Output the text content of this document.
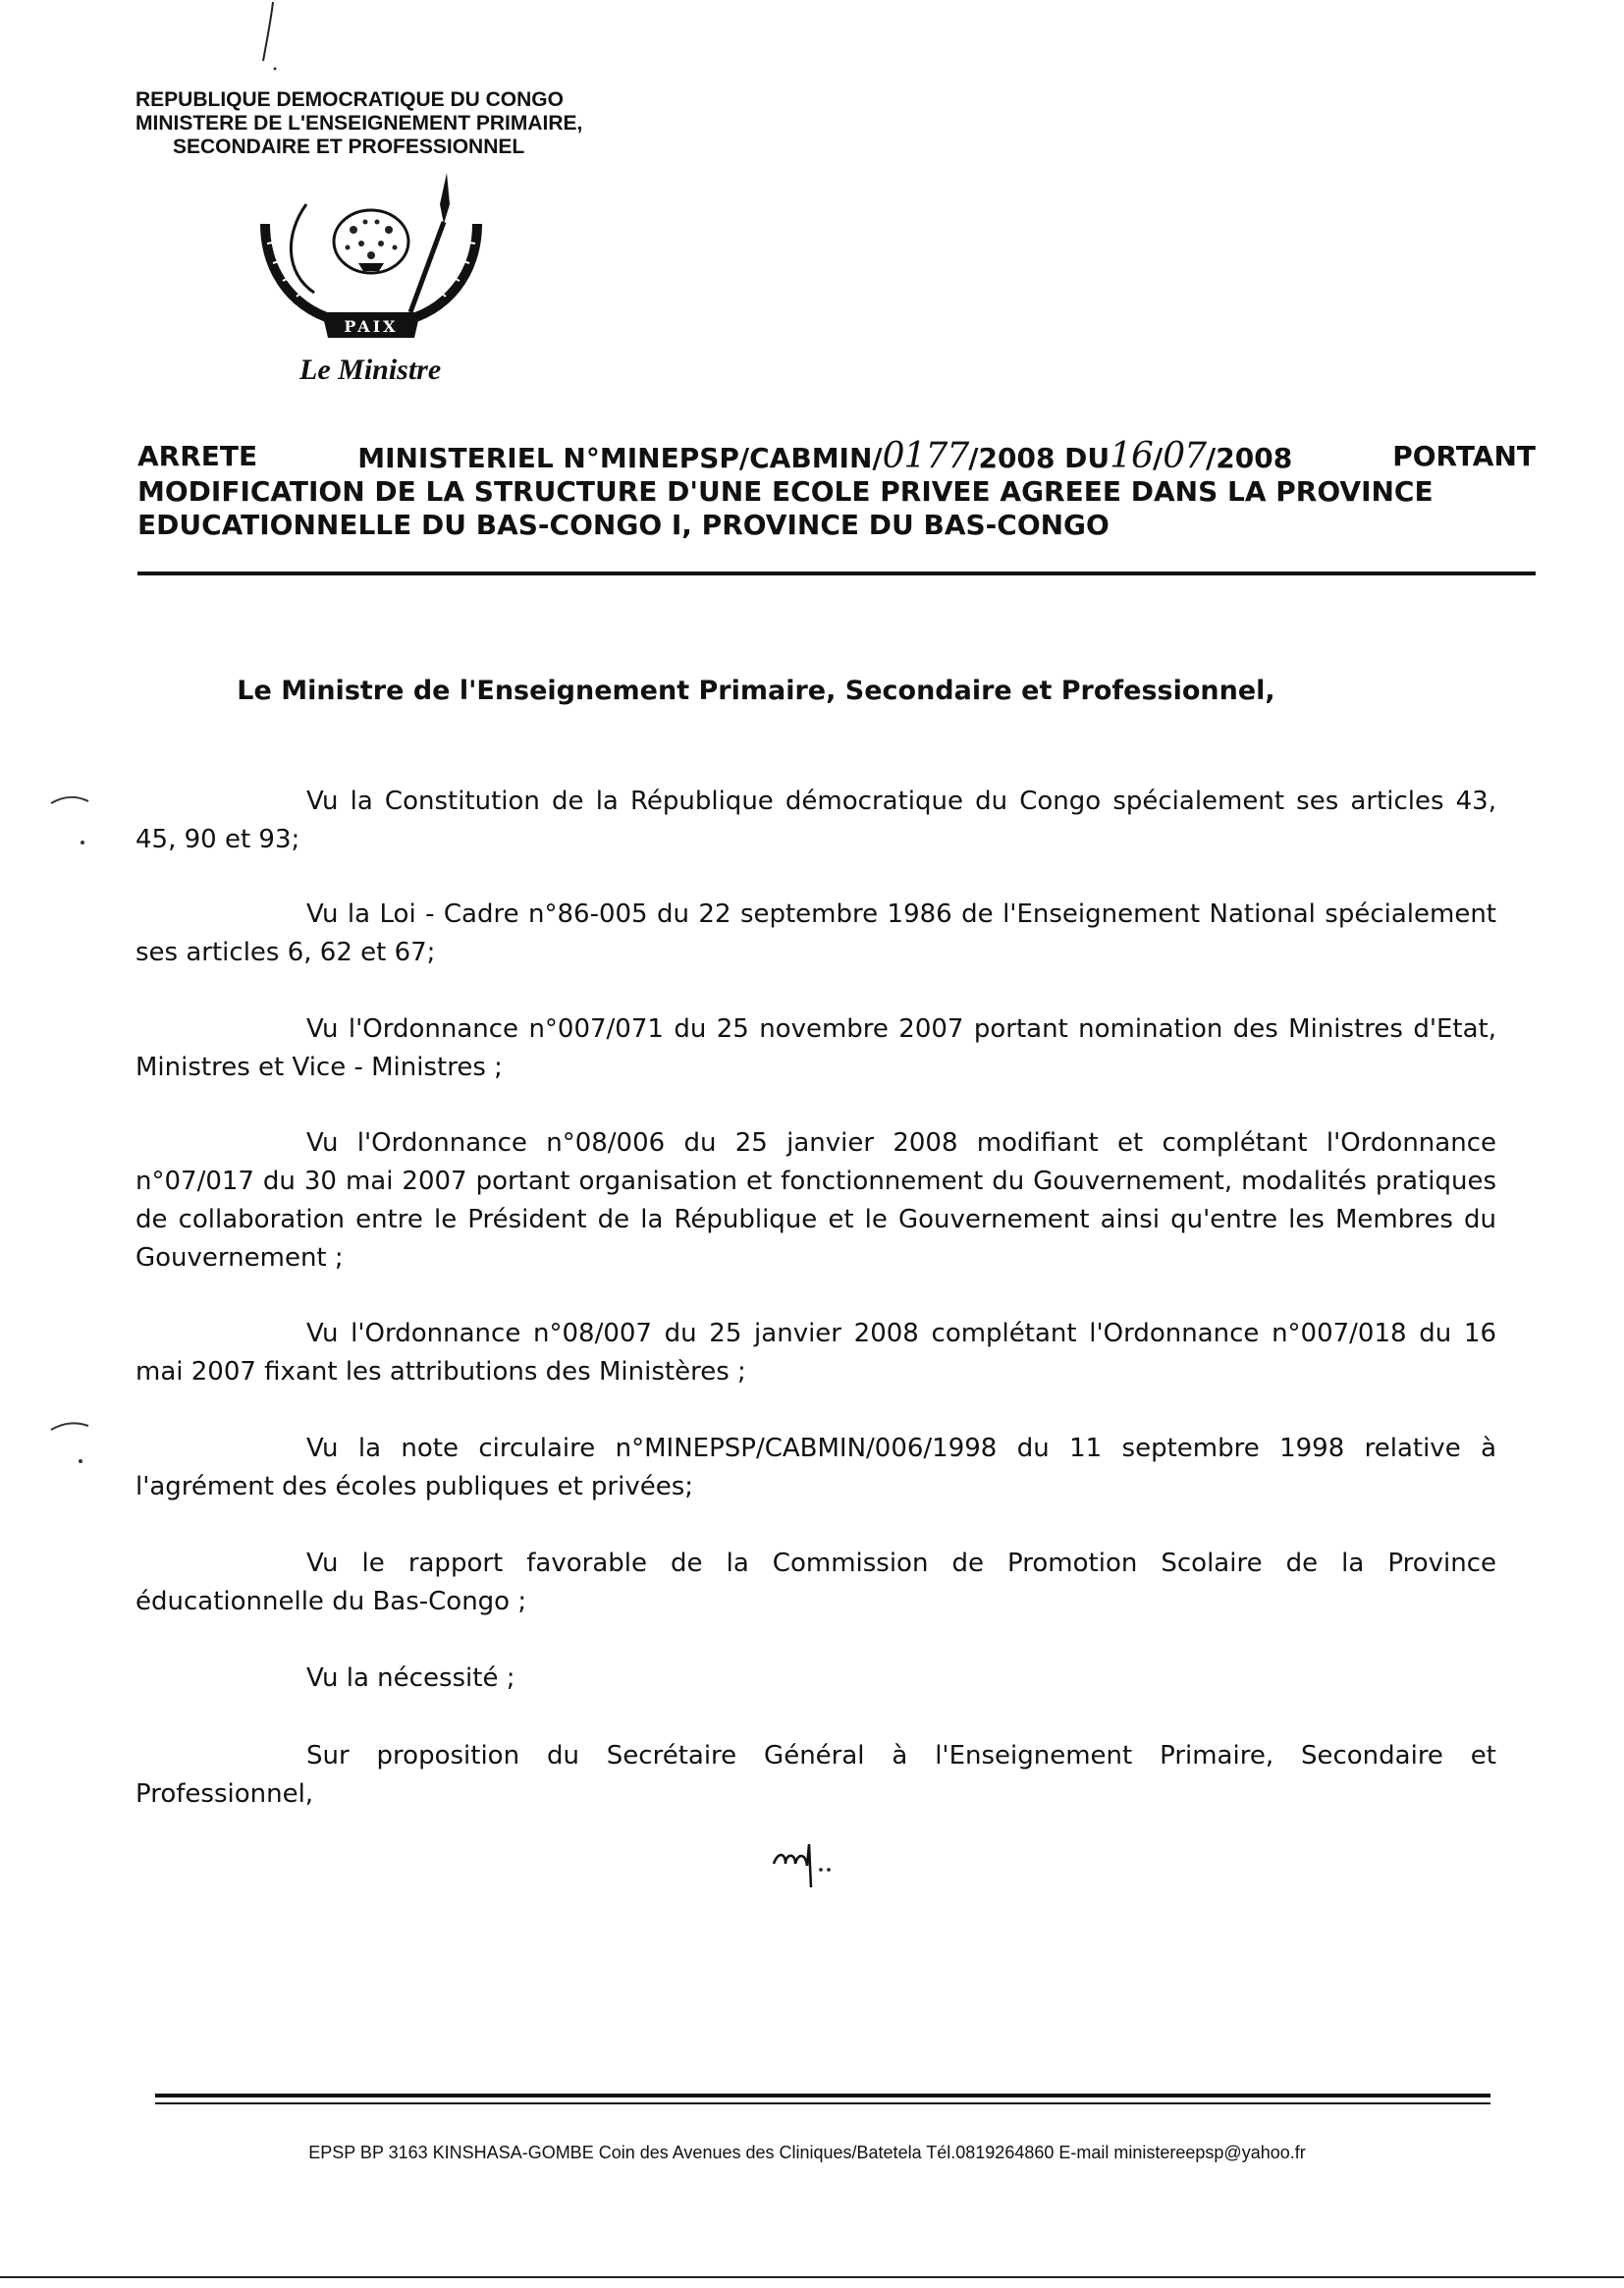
REPUBLIQUE DEMOCRATIQUE DU CONGO
MINISTERE DE L'ENSEIGNEMENT PRIMAIRE,
SECONDAIRE ET PROFESSIONNEL
PAIX
Le Ministre
ARRETE	MINISTERIEL N°MINEPSP/CABMIN/0177/2008 DU16/07/2008	PORTANT
MODIFICATION DE LA STRUCTURE D'UNE ECOLE PRIVEE AGREEE DANS LA PROVINCE
EDUCATIONNELLE DU BAS-CONGO I, PROVINCE DU BAS-CONGO
Le Ministre de l'Enseignement Primaire, Secondaire et Professionnel,

Vu la Constitution de la République démocratique du Congo spécialement ses articles 43, 45, 90 et 93;

Vu la Loi - Cadre n°86-005 du 22 septembre 1986 de l'Enseignement National spécialement ses articles 6, 62 et 67;

Vu l'Ordonnance n°007/071 du 25 novembre 2007 portant nomination des Ministres d'Etat, Ministres et Vice - Ministres ;

Vu l'Ordonnance n°08/006 du 25 janvier 2008 modifiant et complétant l'Ordonnance n°07/017 du 30 mai 2007 portant organisation et fonctionnement du Gouvernement, modalités pratiques de collaboration entre le Président de la République et le Gouvernement ainsi qu'entre les Membres du Gouvernement ;

Vu l'Ordonnance n°08/007 du 25 janvier 2008 complétant l'Ordonnance n°007/018 du 16 mai 2007 fixant les attributions des Ministères ;

Vu la note circulaire n°MINEPSP/CABMIN/006/1998 du 11 septembre 1998 relative à l'agrément des écoles publiques et privées;

Vu le rapport favorable de la Commission de Promotion Scolaire de la Province éducationnelle du Bas-Congo ;

Vu la nécessité ;

Sur proposition du Secrétaire Général à l'Enseignement Primaire, Secondaire et Professionnel,

EPSP BP 3163 KINSHASA-GOMBE Coin des Avenues des Cliniques/Batetela Tél.0819264860 E-mail ministereepsp@yahoo.fr
